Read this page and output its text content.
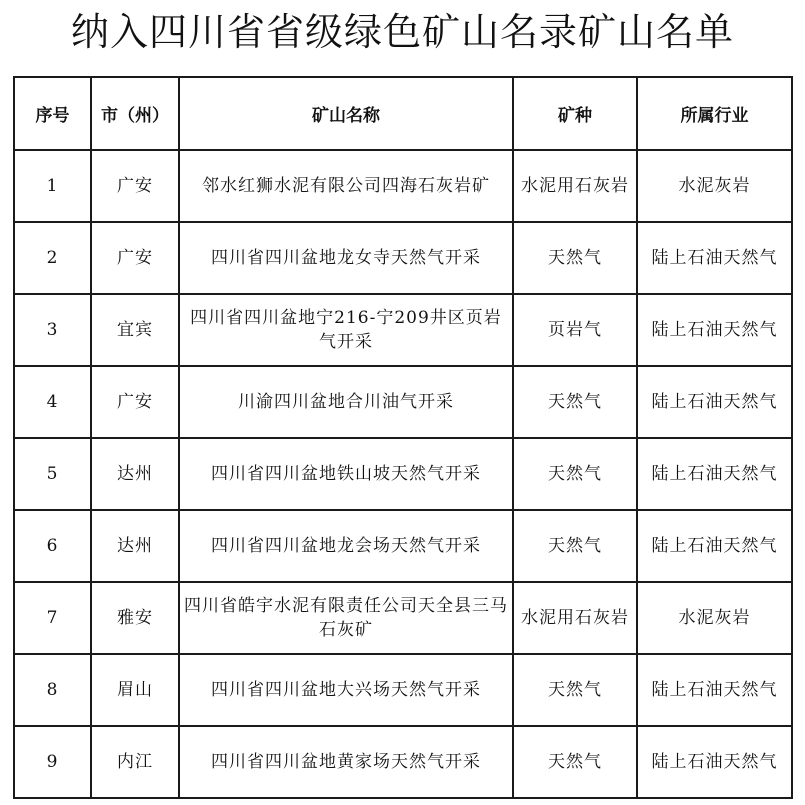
纳入四川省省级绿色矿山名录矿山名单
序号	市（州）	矿山名称	矿种	所属行业
1	广安	邻水红狮水泥有限公司四海石灰岩矿	水泥用石灰岩	水泥灰岩
2	广安	四川省四川盆地龙女寺天然气开采	天然气	陆上石油天然气
3	宜宾	四川省四川盆地宁216-宁209井区页岩气开采	页岩气	陆上石油天然气
4	广安	川渝四川盆地合川油气开采	天然气	陆上石油天然气
5	达州	四川省四川盆地铁山坡天然气开采	天然气	陆上石油天然气
6	达州	四川省四川盆地龙会场天然气开采	天然气	陆上石油天然气
7	雅安	四川省皓宇水泥有限责任公司天全县三马石灰矿	水泥用石灰岩	水泥灰岩
8	眉山	四川省四川盆地大兴场天然气开采	天然气	陆上石油天然气
9	内江	四川省四川盆地黄家场天然气开采	天然气	陆上石油天然气
